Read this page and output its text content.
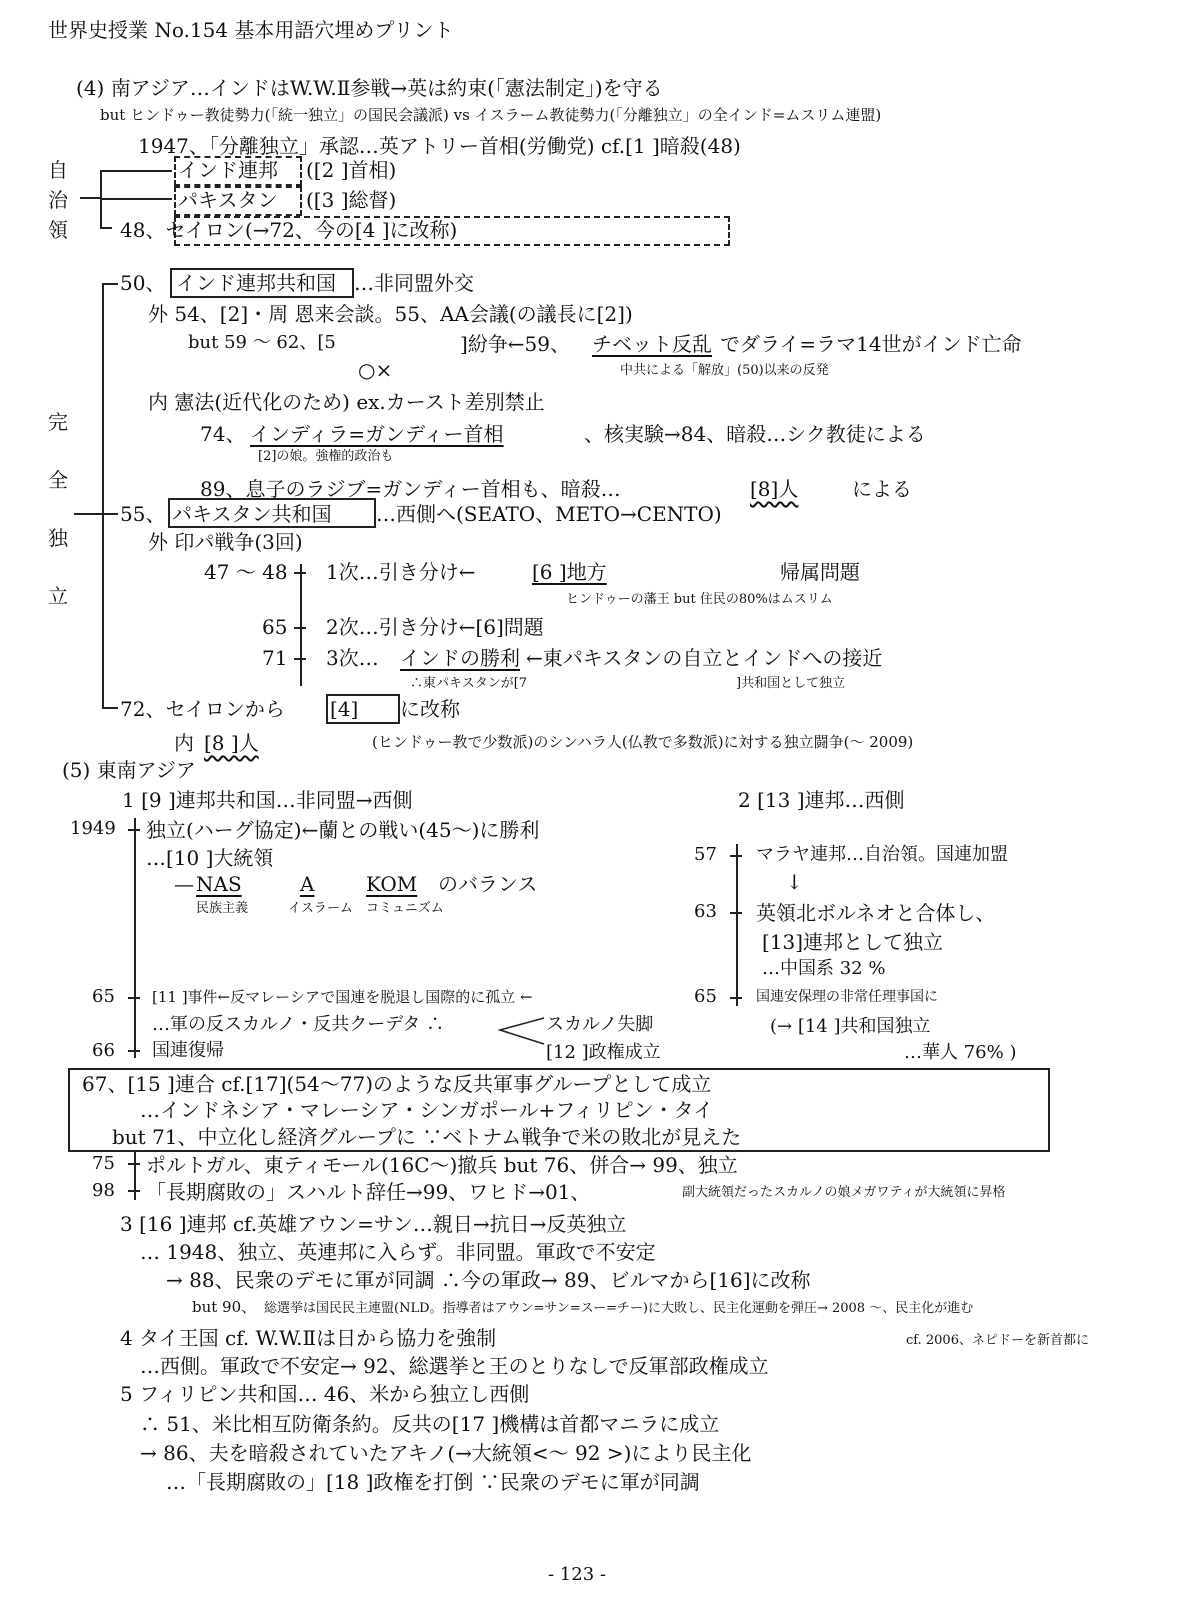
世界史授業 No.154 基本用語穴埋めプリント
(4) 南アジア…インドはW.W.Ⅱ参戦→英は約束(「憲法制定」)を守る
but ヒンドゥー教徒勢力(「統一独立」の国民会議派) vs イスラーム教徒勢力(「分離独立」の全インド=ムスリム連盟)
1947、「分離独立」承認…英アトリー首相(労働党) cf.[1 ]暗殺(48)
自
治
領
インド連邦 ([2 ]首相)
パキスタン ([3 ]総督)
48、セイロン(→72、今の[4 ]に改称)
完
全
独
立
50、 インド連邦共和国 …非同盟外交
外 54、[2]・周 恩来会談。55、AA会議(の議長に[2])
but 59 〜 62、[5	]紛争←59、 チベット反乱 でダライ=ラマ14世がインド亡命
○×	中共による「解放」(50)以来の反発
内 憲法(近代化のため) ex.カースト差別禁止
74、 インディラ=ガンディー首相	、核実験→84、暗殺…シク教徒による
[2]の娘。強権的政治も
89、息子のラジブ=ガンディー首相も、暗殺…	[8]人	による
55、 パキスタン共和国 …西側へ(SEATO、METO→CENTO)
外 印パ戦争(3回)
47 〜 48 1次…引き分け←	[6 ]地方	帰属問題
ヒンドゥーの藩王 but 住民の80%はムスリム
65 2次…引き分け←[6]問題
71 3次… インドの勝利 ←東パキスタンの自立とインドへの接近
∴東パキスタンが[7	]共和国として独立
72、セイロンから [4] に改称
内 [8 ]人	(ヒンドゥー教で少数派)のシンハラ人(仏教で多数派)に対する独立闘争(〜 2009)
(5) 東南アジア
1 [9 ]連邦共和国…非同盟→西側	2 [13 ]連邦…西側
1949 独立(ハーグ協定)←蘭との戦い(45〜)に勝利
…[10 ]大統領
— NAS	A	KOM のバランス
民族主義	イスラーム コミュニズム
65 [11 ]事件←反マレーシアで国連を脱退し国際的に孤立 ←
…軍の反スカルノ・反共クーデタ ∴	スカルノ失脚
66 国連復帰	[12 ]政権成立
57 マラヤ連邦…自治領。国連加盟
↓
63 英領北ボルネオと合体し、
[13]連邦として独立
…中国系 32 %
65	国連安保理の非常任理事国に
(→ [14 ]共和国独立
…華人 76% )
67、[15 ]連合 cf.[17](54〜77)のような反共軍事グループとして成立
…インドネシア・マレーシア・シンガポール+フィリピン・タイ
but 71、中立化し経済グループに ∵ベトナム戦争で米の敗北が見えた
75 ポルトガル、東ティモール(16C〜)撤兵 but 76、併合→ 99、独立
98 「長期腐敗の」スハルト辞任→99、ワヒド→01、	副大統領だったスカルノの娘メガワティが大統領に昇格
3 [16 ]連邦 cf.英雄アウン=サン…親日→抗日→反英独立
… 1948、独立、英連邦に入らず。非同盟。軍政で不安定
→ 88、民衆のデモに軍が同調 ∴今の軍政→ 89、ビルマから[16]に改称
but 90、 総選挙は国民民主連盟(NLD。指導者はアウン=サン=スー=チー)に大敗し、民主化運動を弾圧→ 2008 〜、民主化が進む
4 タイ王国 cf. W.W.Ⅱは日から協力を強制	cf. 2006、ネピドーを新首都に
…西側。軍政で不安定→ 92、総選挙と王のとりなしで反軍部政権成立
5 フィリピン共和国… 46、米から独立し西側
∴ 51、米比相互防衛条約。反共の[17 ]機構は首都マニラに成立
→ 86、夫を暗殺されていたアキノ(→大統領<〜 92 >)により民主化
…「長期腐敗の」[18 ]政権を打倒 ∵民衆のデモに軍が同調
- 123 -
